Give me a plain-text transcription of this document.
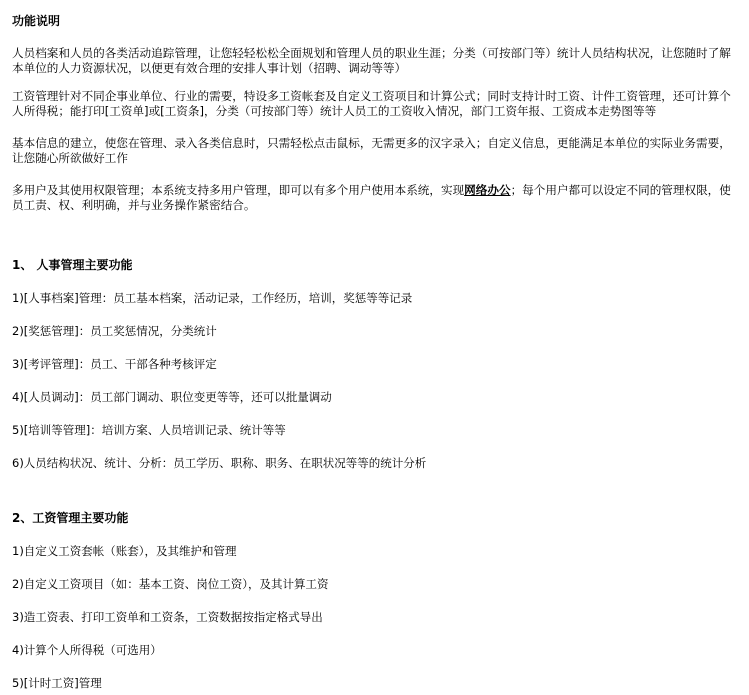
功能说明
人员档案和人员的各类活动追踪管理，让您轻轻松松全面规划和管理人员的职业生涯；分类（可按部门等）统计人员结构状况，让您随时了解本单位的人力资源状况，以便更有效合理的安排人事计划（招聘、调动等等）
工资管理针对不同企事业单位、行业的需要，特设多工资帐套及自定义工资项目和计算公式；同时支持计时工资、计件工资管理，还可计算个人所得税；能打印[工资单]或[工资条]，分类（可按部门等）统计人员工的工资收入情况，部门工资年报、工资成本走势图等等
基本信息的建立，使您在管理、录入各类信息时，只需轻松点击鼠标，无需更多的汉字录入；自定义信息，更能满足本单位的实际业务需要，让您随心所欲做好工作
多用户及其使用权限管理；本系统支持多用户管理，即可以有多个用户使用本系统，实现网络办公；每个用户都可以设定不同的管理权限，使员工责、权、利明确，并与业务操作紧密结合。
1、 人事管理主要功能
1)[人事档案]管理：员工基本档案，活动记录，工作经历，培训，奖惩等等记录
2)[奖惩管理]：员工奖惩情况，分类统计
3)[考评管理]：员工、干部各种考核评定
4)[人员调动]：员工部门调动、职位变更等等，还可以批量调动
5)[培训等管理]：培训方案、人员培训记录、统计等等
6)人员结构状况、统计、分析：员工学历、职称、职务、在职状况等等的统计分析
2、工资管理主要功能
1)自定义工资套帐（账套），及其维护和管理
2)自定义工资项目（如：基本工资、岗位工资），及其计算工资
3)造工资表、打印工资单和工资条，工资数据按指定格式导出
4)计算个人所得税（可选用）
5)[计时工资]管理
